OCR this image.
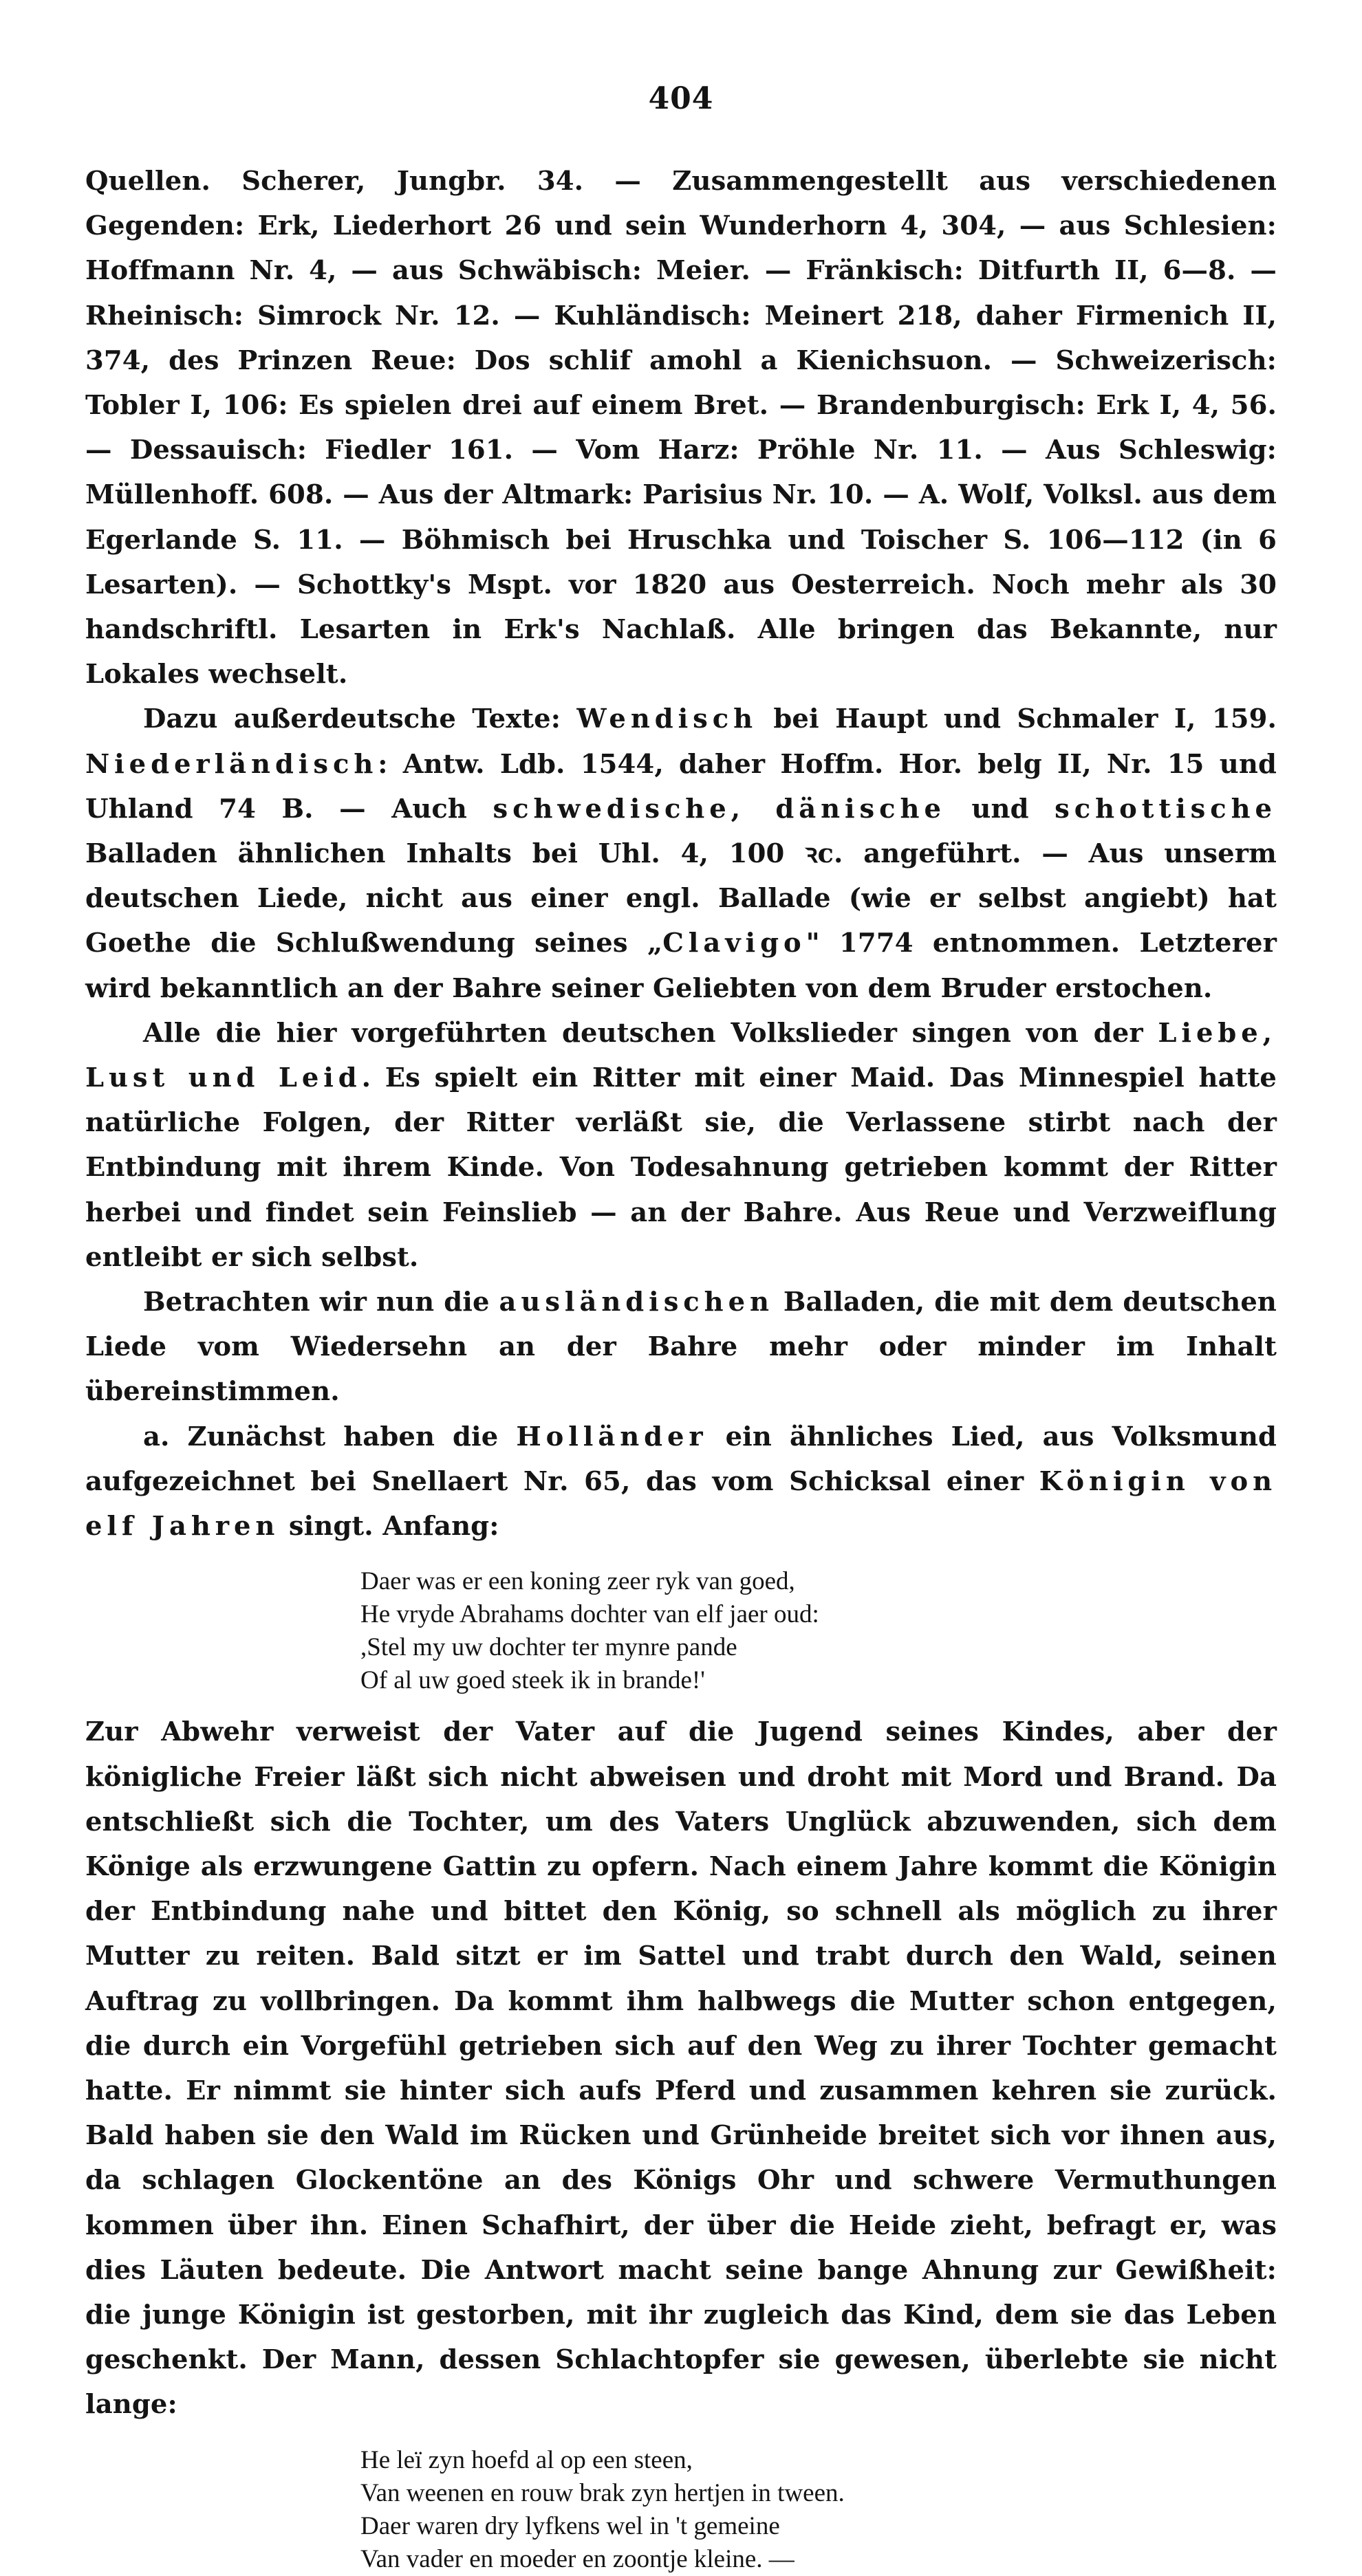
404

Quellen. Scherer, Jungbr. 34. — Zusammengestellt aus verschiedenen Gegenden: Erk, Liederhort 26 und sein Wunderhorn 4, 304, — aus Schlesien: Hoffmann Nr. 4, — aus Schwäbisch: Meier. — Fränkisch: Ditfurth II, 6—8. — Rheinisch: Simrock Nr. 12. — Kuhländisch: Meinert 218, daher Firmenich II, 374, des Prinzen Reue: Dos schlif amohl a Kienichsuon. — Schweizerisch: Tobler I, 106: Es spielen drei auf einem Bret. — Brandenburgisch: Erk I, 4, 56. — Dessauisch: Fiedler 161. — Vom Harz: Pröhle Nr. 11. — Aus Schleswig: Müllenhoff. 608. — Aus der Altmark: Parisius Nr. 10. — A. Wolf, Volksl. aus dem Egerlande S. 11. — Böhmisch bei Hruschka und Toischer S. 106—112 (in 6 Lesarten). — Schottky's Mspt. vor 1820 aus Oesterreich. Noch mehr als 30 handschriftl. Lesarten in Erk's Nachlaß. Alle bringen das Bekannte, nur Lokales wechselt.

Dazu außerdeutsche Texte: Wendisch bei Haupt und Schmaler I, 159. Niederländisch: Antw. Ldb. 1544, daher Hoffm. Hor. belg II, Nr. 15 und Uhland 74 B. — Auch schwedische, dänische und schottische Balladen ähnlichen Inhalts bei Uhl. 4, 100 ꝛc. angeführt. — Aus unserm deutschen Liede, nicht aus einer engl. Ballade (wie er selbst angiebt) hat Goethe die Schlußwendung seines „Clavigo" 1774 entnommen. Letzterer wird bekanntlich an der Bahre seiner Geliebten von dem Bruder erstochen.

Alle die hier vorgeführten deutschen Volkslieder singen von der Liebe, Lust und Leid. Es spielt ein Ritter mit einer Maid. Das Minnespiel hatte natürliche Folgen, der Ritter verläßt sie, die Verlassene stirbt nach der Entbindung mit ihrem Kinde. Von Todesahnung getrieben kommt der Ritter herbei und findet sein Feinslieb — an der Bahre. Aus Reue und Verzweiflung entleibt er sich selbst.

Betrachten wir nun die ausländischen Balladen, die mit dem deutschen Liede vom Wiedersehn an der Bahre mehr oder minder im Inhalt übereinstimmen.

a. Zunächst haben die Holländer ein ähnliches Lied, aus Volksmund aufgezeichnet bei Snellaert Nr. 65, das vom Schicksal einer Königin von elf Jahren singt. Anfang:

Daer was er een koning zeer ryk van goed,
He vryde Abrahams dochter van elf jaer oud:
,Stel my uw dochter ter mynre pande
Of al uw goed steek ik in brande!'

Zur Abwehr verweist der Vater auf die Jugend seines Kindes, aber der königliche Freier läßt sich nicht abweisen und droht mit Mord und Brand. Da entschließt sich die Tochter, um des Vaters Unglück abzuwenden, sich dem Könige als erzwungene Gattin zu opfern. Nach einem Jahre kommt die Königin der Entbindung nahe und bittet den König, so schnell als möglich zu ihrer Mutter zu reiten. Bald sitzt er im Sattel und trabt durch den Wald, seinen Auftrag zu vollbringen. Da kommt ihm halbwegs die Mutter schon entgegen, die durch ein Vorgefühl getrieben sich auf den Weg zu ihrer Tochter gemacht hatte. Er nimmt sie hinter sich aufs Pferd und zusammen kehren sie zurück. Bald haben sie den Wald im Rücken und Grünheide breitet sich vor ihnen aus, da schlagen Glockentöne an des Königs Ohr und schwere Vermuthungen kommen über ihn. Einen Schafhirt, der über die Heide zieht, befragt er, was dies Läuten bedeute. Die Antwort macht seine bange Ahnung zur Gewißheit: die junge Königin ist gestorben, mit ihr zugleich das Kind, dem sie das Leben geschenkt. Der Mann, dessen Schlachtopfer sie gewesen, überlebte sie nicht lange:

He leï zyn hoefd al op een steen,
Van weenen en rouw brak zyn hertjen in tween.
Daer waren dry lyfkens wel in 't gemeine
Van vader en moeder en zoontje kleine. —
